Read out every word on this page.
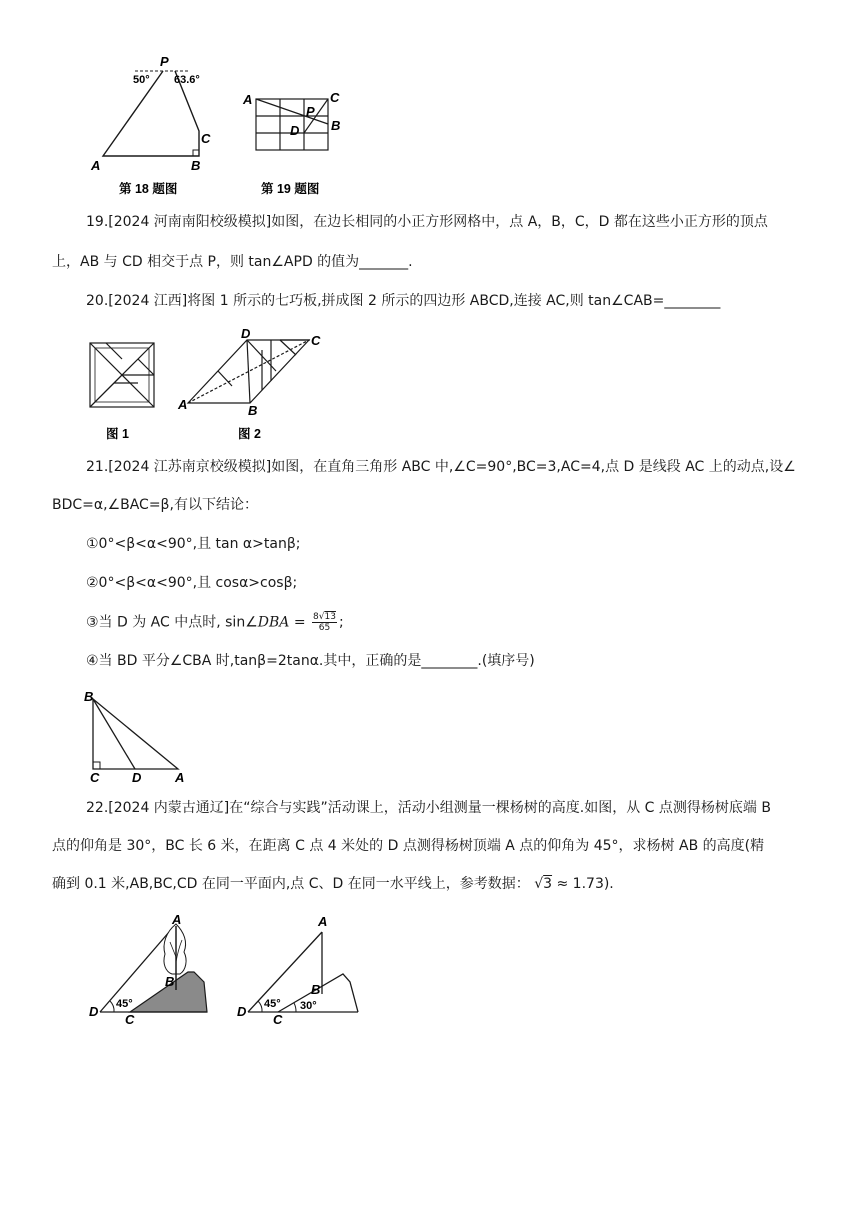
P
50° 63.6°
C
A	B
第 18 题图
A	C
B
P
D
第 19 题图
19.[2024 河南南阳校级模拟]如图，在边长相同的小正方形网格中，点 A，B，C，D 都在这些小正方形的顶点
上，AB 与 CD 相交于点 P，则 tan∠APD 的值为_______.
20.[2024 江西]将图 1 所示的七巧板,拼成图 2 所示的四边形 ABCD,连接 AC,则 tan∠CAB=________
图 1
A
D	C
B
图 2
21.[2024 江苏南京校级模拟]如图，在直角三角形 ABC 中,∠C=90°,BC=3,AC=4,点 D 是线段 AC 上的动点,设∠
BDC=α,∠BAC=β,有以下结论：
①0°<β<α<90°,且 tan α>tanβ;
②0°<β<α<90°,且 cosα>cosβ;
③当 D 为 AC 中点时, sin∠DBA = $\frac{8√13}{65}$ ;
④当 BD 平分∠CBA 时,tanβ=2tanα.其中，正确的是________.(填序号)
B
C	D	A
22.[2024 内蒙古通辽]在“综合与实践”活动课上，活动小组测量一棵杨树的高度.如图，从 C 点测得杨树底端 B
点的仰角是 30°，BC 长 6 米，在距离 C 点 4 米处的 D 点测得杨树顶端 A 点的仰角为 45°，求杨树 AB 的高度(精
确到 0.1 米,AB,BC,CD 在同一平面内,点 C、D 在同一水平线上，参考数据： √3 ≈ 1.73).
A
B
45°
D
C
A
B
45° 30°
D
C
